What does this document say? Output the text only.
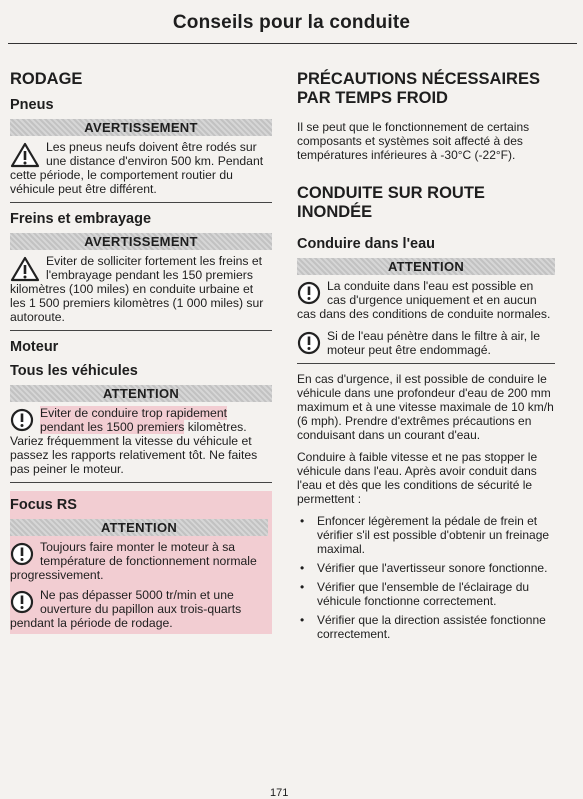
Conseils pour la conduite
RODAGE
Pneus
AVERTISSEMENT

Les pneus neufs doivent être rodés sur une distance d'environ 500 km. Pendant cette période, le comportement routier du véhicule peut être différent.

Freins et embrayage
AVERTISSEMENT

Eviter de solliciter fortement les freins et l'embrayage pendant les 150 premiers kilomètres (100 miles) en conduite urbaine et les 1 500 premiers kilomètres (1 000 miles) sur autoroute.

Moteur
Tous les véhicules
ATTENTION

Eviter de conduire trop rapidement pendant les 1500 premiers kilomètres. Variez fréquemment la vitesse du véhicule et passez les rapports relativement tôt. Ne faites pas peiner le moteur.

Focus RS
ATTENTION

Toujours faire monter le moteur à sa température de fonctionnement normale progressivement.

Ne pas dépasser 5000 tr/min et une ouverture du papillon aux trois-quarts pendant la période de rodage.

PRÉCAUTIONS NÉCESSAIRES PAR TEMPS FROID

Il se peut que le fonctionnement de certains composants et systèmes soit affecté à des températures inférieures à -30°C (-22°F).

CONDUITE SUR ROUTE INONDÉE
Conduire dans l'eau
ATTENTION

La conduite dans l'eau est possible en cas d'urgence uniquement et en aucun cas dans des conditions de conduite normales.

Si de l'eau pénètre dans le filtre à air, le moteur peut être endommagé.

En cas d'urgence, il est possible de conduire le véhicule dans une profondeur d'eau de 200 mm maximum et à une vitesse maximale de 10 km/h (6 mph). Prendre d'extrêmes précautions en conduisant dans un courant d'eau.

Conduire à faible vitesse et ne pas stopper le véhicule dans l'eau. Après avoir conduit dans l'eau et dès que les conditions de sécurité le permettent :

• Enfoncer légèrement la pédale de frein et vérifier s'il est possible d'obtenir un freinage maximal.
• Vérifier que l'avertisseur sonore fonctionne.
• Vérifier que l'ensemble de l'éclairage du véhicule fonctionne correctement.
• Vérifier que la direction assistée fonctionne correctement.
171
